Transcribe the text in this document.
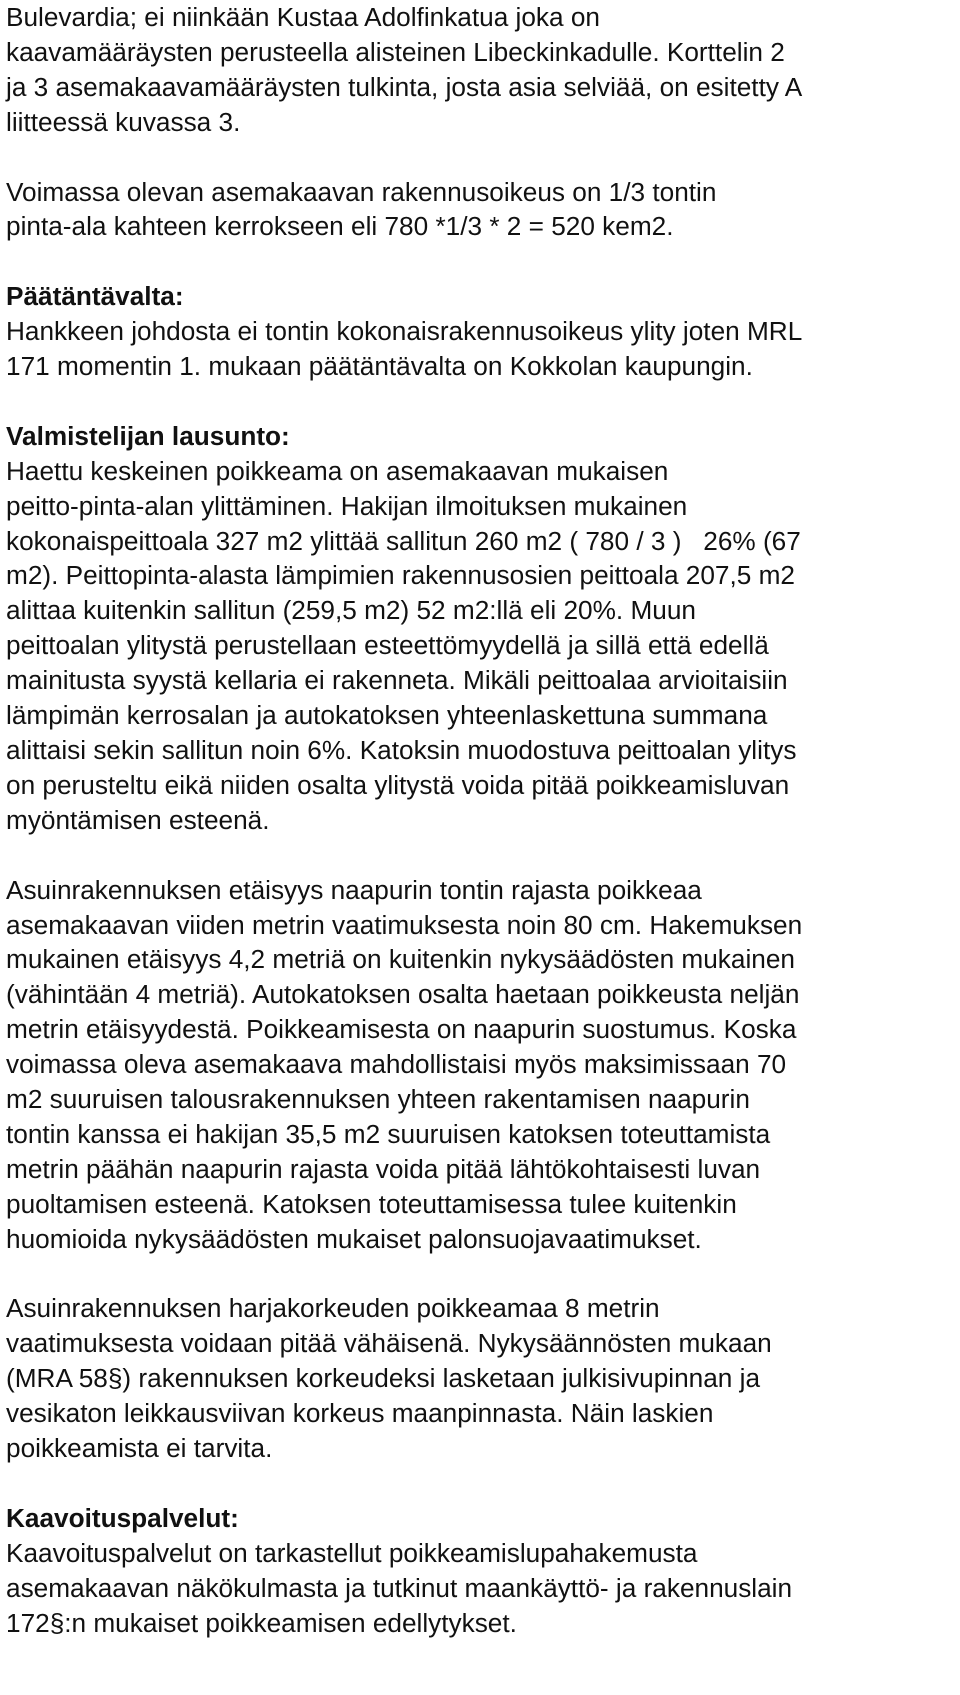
Bulevardia; ei niinkään Kustaa Adolfinkatua joka on
kaavamääräysten perusteella alisteinen Libeckinkadulle. Korttelin 2
ja 3 asemakaavamääräysten tulkinta, josta asia selviää, on esitetty A
liitteessä kuvassa 3.
Voimassa olevan asemakaavan rakennusoikeus on 1/3 tontin
pinta-ala kahteen kerrokseen eli 780 *1/3 * 2 = 520 kem2.
Päätäntävalta:
Hankkeen johdosta ei tontin kokonaisrakennusoikeus ylity joten MRL
171 momentin 1. mukaan päätäntävalta on Kokkolan kaupungin.
Valmistelijan lausunto:
Haettu keskeinen poikkeama on asemakaavan mukaisen
peitto-pinta-alan ylittäminen. Hakijan ilmoituksen mukainen
kokonaispeittoala 327 m2 ylittää sallitun 260 m2 ( 780 / 3 )   26% (67
m2). Peittopinta-alasta lämpimien rakennusosien peittoala 207,5 m2
alittaa kuitenkin sallitun (259,5 m2) 52 m2:llä eli 20%. Muun
peittoalan ylitystä perustellaan esteettömyydellä ja sillä että edellä
mainitusta syystä kellaria ei rakenneta. Mikäli peittoalaa arvioitaisiin
lämpimän kerrosalan ja autokatoksen yhteenlaskettuna summana
alittaisi sekin sallitun noin 6%. Katoksin muodostuva peittoalan ylitys
on perusteltu eikä niiden osalta ylitystä voida pitää poikkeamisluvan
myöntämisen esteenä.
Asuinrakennuksen etäisyys naapurin tontin rajasta poikkeaa
asemakaavan viiden metrin vaatimuksesta noin 80 cm. Hakemuksen
mukainen etäisyys 4,2 metriä on kuitenkin nykysäädösten mukainen
(vähintään 4 metriä). Autokatoksen osalta haetaan poikkeusta neljän
metrin etäisyydestä. Poikkeamisesta on naapurin suostumus. Koska
voimassa oleva asemakaava mahdollistaisi myös maksimissaan 70
m2 suuruisen talousrakennuksen yhteen rakentamisen naapurin
tontin kanssa ei hakijan 35,5 m2 suuruisen katoksen toteuttamista
metrin päähän naapurin rajasta voida pitää lähtökohtaisesti luvan
puoltamisen esteenä. Katoksen toteuttamisessa tulee kuitenkin
huomioida nykysäädösten mukaiset palonsuojavaatimukset.
Asuinrakennuksen harjakorkeuden poikkeamaa 8 metrin
vaatimuksesta voidaan pitää vähäisenä. Nykysäännösten mukaan
(MRA 58§) rakennuksen korkeudeksi lasketaan julkisivupinnan ja
vesikaton leikkausviivan korkeus maanpinnasta. Näin laskien
poikkeamista ei tarvita.
Kaavoituspalvelut:
Kaavoituspalvelut on tarkastellut poikkeamislupahakemusta
asemakaavan näkökulmasta ja tutkinut maankäyttö- ja rakennuslain
172§:n mukaiset poikkeamisen edellytykset.
